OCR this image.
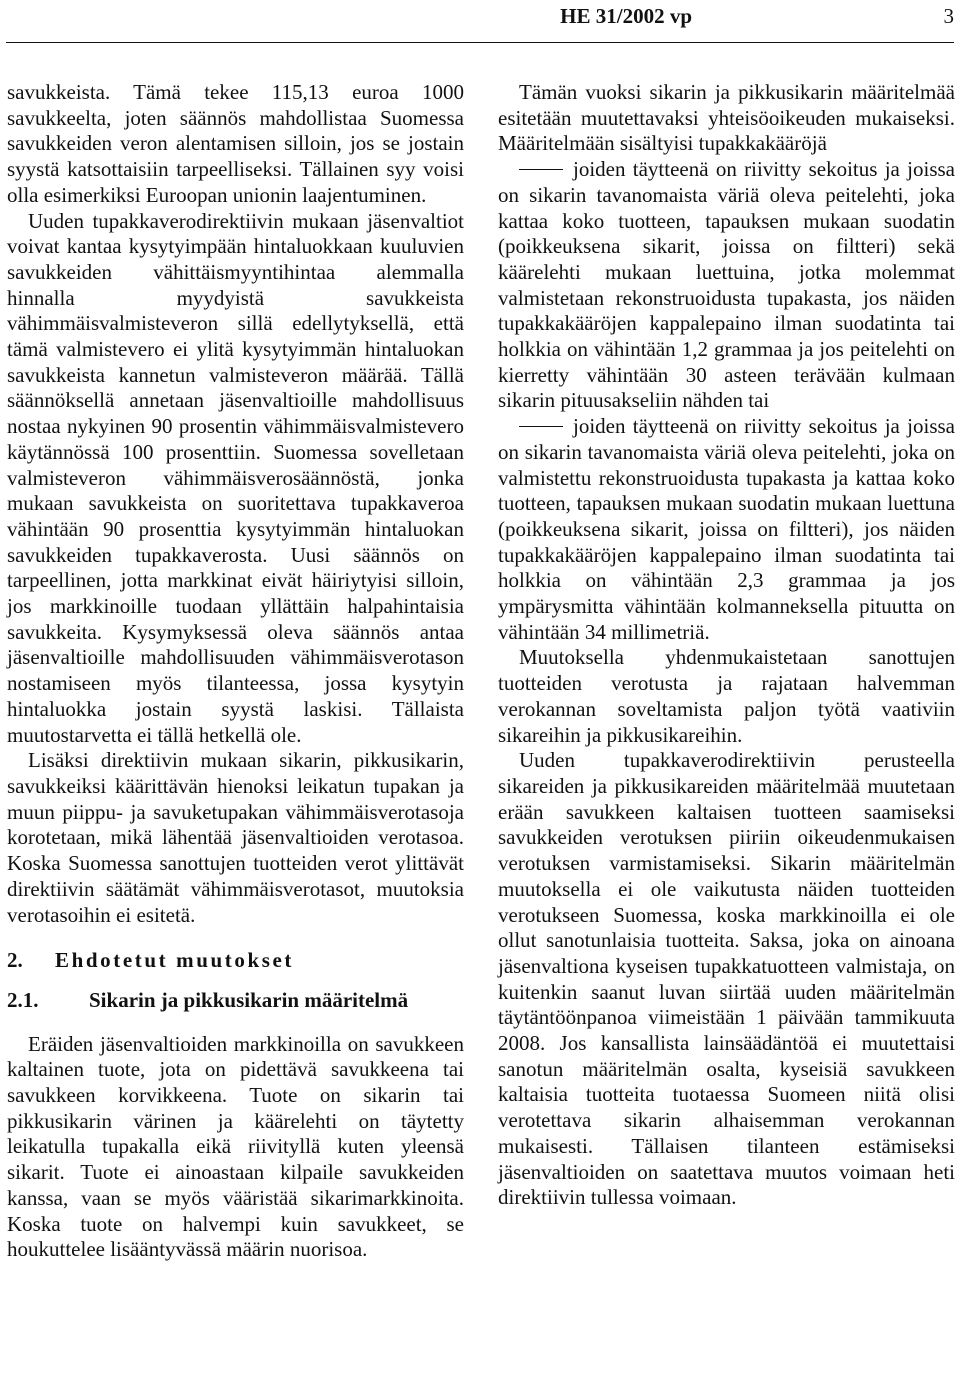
HE 31/2002 vp	3

savukkeista. Tämä tekee 115,13 euroa 1000 savukkeelta, joten säännös mahdollistaa Suomessa savukkeiden veron alentamisen silloin, jos se jostain syystä katsottaisiin tarpeelliseksi. Tällainen syy voisi olla esimerkiksi Euroopan unionin laajentuminen.

Uuden tupakkaverodirektiivin mukaan jäsenvaltiot voivat kantaa kysytyimpään hintaluokkaan kuuluvien savukkeiden vähittäismyyntihintaa alemmalla hinnalla myydyistä savukkeista vähimmäisvalmisteveron sillä edellytyksellä, että tämä valmistevero ei ylitä kysytyimmän hintaluokan savukkeista kannetun valmisteveron määrää. Tällä säännöksellä annetaan jäsenvaltioille mahdollisuus nostaa nykyinen 90 prosentin vähimmäisvalmistevero käytännössä 100 prosenttiin. Suomessa sovelletaan valmisteveron vähimmäisverosäännöstä, jonka mukaan savukkeista on suoritettava tupakkaveroa vähintään 90 prosenttia kysytyimmän hintaluokan savukkeiden tupakkaverosta. Uusi säännös on tarpeellinen, jotta markkinat eivät häiriytyisi silloin, jos markkinoille tuodaan yllättäin halpahintaisia savukkeita. Kysymyksessä oleva säännös antaa jäsenvaltioille mahdollisuuden vähimmäisverotason nostamiseen myös tilanteessa, jossa kysytyin hintaluokka jostain syystä laskisi. Tällaista muutostarvetta ei tällä hetkellä ole.

Lisäksi direktiivin mukaan sikarin, pikkusikarin, savukkeiksi käärittävän hienoksi leikatun tupakan ja muun piippu- ja savuketupakan vähimmäisverotasoja korotetaan, mikä lähentää jäsenvaltioiden verotasoa. Koska Suomessa sanottujen tuotteiden verot ylittävät direktiivin säätämät vähimmäisverotasot, muutoksia verotasoihin ei esitetä.

2. Ehdotetut muutokset
2.1. Sikarin ja pikkusikarin määritelmä

Eräiden jäsenvaltioiden markkinoilla on savukkeen kaltainen tuote, jota on pidettävä savukkeena tai savukkeen korvikkeena. Tuote on sikarin tai pikkusikarin värinen ja käärelehti on täytetty leikatulla tupakalla eikä riivityllä kuten yleensä sikarit. Tuote ei ainoastaan kilpaile savukkeiden kanssa, vaan se myös vääristää sikarimarkkinoita. Koska tuote on halvempi kuin savukkeet, se houkuttelee lisääntyvässä määrin nuorisoa.

Tämän vuoksi sikarin ja pikkusikarin määritelmää esitetään muutettavaksi yhteisöoikeuden mukaiseksi. Määritelmään sisältyisi tupakkakääröjä

joiden täytteenä on riivitty sekoitus ja joissa on sikarin tavanomaista väriä oleva peitelehti, joka kattaa koko tuotteen, tapauksen mukaan suodatin (poikkeuksena sikarit, joissa on filtteri) sekä käärelehti mukaan luettuina, jotka molemmat valmistetaan rekonstruoidusta tupakasta, jos näiden tupakkakääröjen kappalepaino ilman suodatinta tai holkkia on vähintään 1,2 grammaa ja jos peitelehti on kierretty vähintään 30 asteen terävään kulmaan sikarin pituusakseliin nähden tai

joiden täytteenä on riivitty sekoitus ja joissa on sikarin tavanomaista väriä oleva peitelehti, joka on valmistettu rekonstruoidusta tupakasta ja kattaa koko tuotteen, tapauksen mukaan suodatin mukaan luettuna (poikkeuksena sikarit, joissa on filtteri), jos näiden tupakkakääröjen kappalepaino ilman suodatinta tai holkkia on vähintään 2,3 grammaa ja jos ympärysmitta vähintään kolmanneksella pituutta on vähintään 34 millimetriä.

Muutoksella yhdenmukaistetaan sanottujen tuotteiden verotusta ja rajataan halvemman verokannan soveltamista paljon työtä vaativiin sikareihin ja pikkusikareihin.

Uuden tupakkaverodirektiivin perusteella sikareiden ja pikkusikareiden määritelmää muutetaan erään savukkeen kaltaisen tuotteen saamiseksi savukkeiden verotuksen piiriin oikeudenmukaisen verotuksen varmistamiseksi. Sikarin määritelmän muutoksella ei ole vaikutusta näiden tuotteiden verotukseen Suomessa, koska markkinoilla ei ole ollut sanotunlaisia tuotteita. Saksa, joka on ainoana jäsenvaltiona kyseisen tupakkatuotteen valmistaja, on kuitenkin saanut luvan siirtää uuden määritelmän täytäntöönpanoa viimeistään 1 päivään tammikuuta 2008. Jos kansallista lainsäädäntöä ei muutettaisi sanotun määritelmän osalta, kyseisiä savukkeen kaltaisia tuotteita tuotaessa Suomeen niitä olisi verotettava sikarin alhaisemman verokannan mukaisesti. Tällaisen tilanteen estämiseksi jäsenvaltioiden on saatettava muutos voimaan heti direktiivin tullessa voimaan.
